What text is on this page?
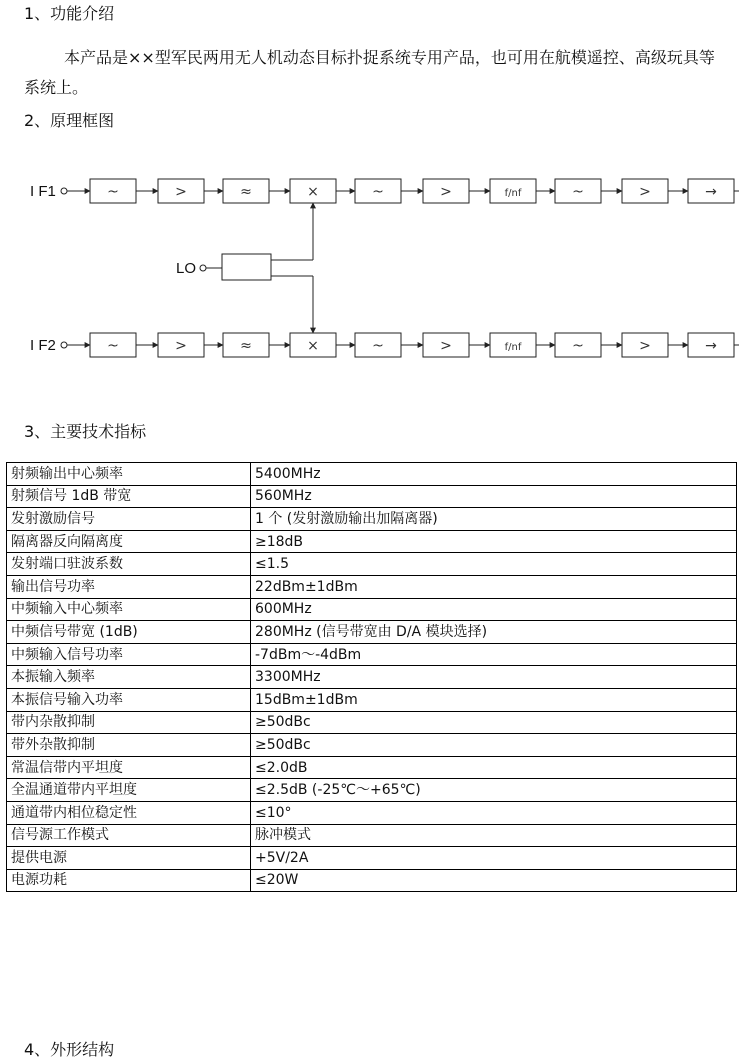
1、功能介绍
本产品是××型军民两用无人机动态目标扑捉系统专用产品，也可用在航模遥控、高级玩具等系统上。
2、原理框图
I F1	~	>	≈	×	~	>	f/nf	~	>	→
I F2	~	>	≈	×	~	>	f/nf	~	>	→
LO
3、主要技术指标
射频输出中心频率	5400MHz
射频信号 1dB 带宽	560MHz
发射激励信号	1 个 (发射激励输出加隔离器)
隔离器反向隔离度	≥18dB
发射端口驻波系数	≤1.5
输出信号功率	22dBm±1dBm
中频输入中心频率	600MHz
中频信号带宽 (1dB)	280MHz (信号带宽由 D/A 模块选择)
中频输入信号功率	-7dBm～-4dBm
本振输入频率	3300MHz
本振信号输入功率	15dBm±1dBm
带内杂散抑制	≥50dBc
带外杂散抑制	≥50dBc
常温信带内平坦度	≤2.0dB
全温通道带内平坦度	≤2.5dB (-25℃～+65℃)
通道带内相位稳定性	≤10°
信号源工作模式	脉冲模式
提供电源	+5V/2A
电源功耗	≤20W
4、外形结构
